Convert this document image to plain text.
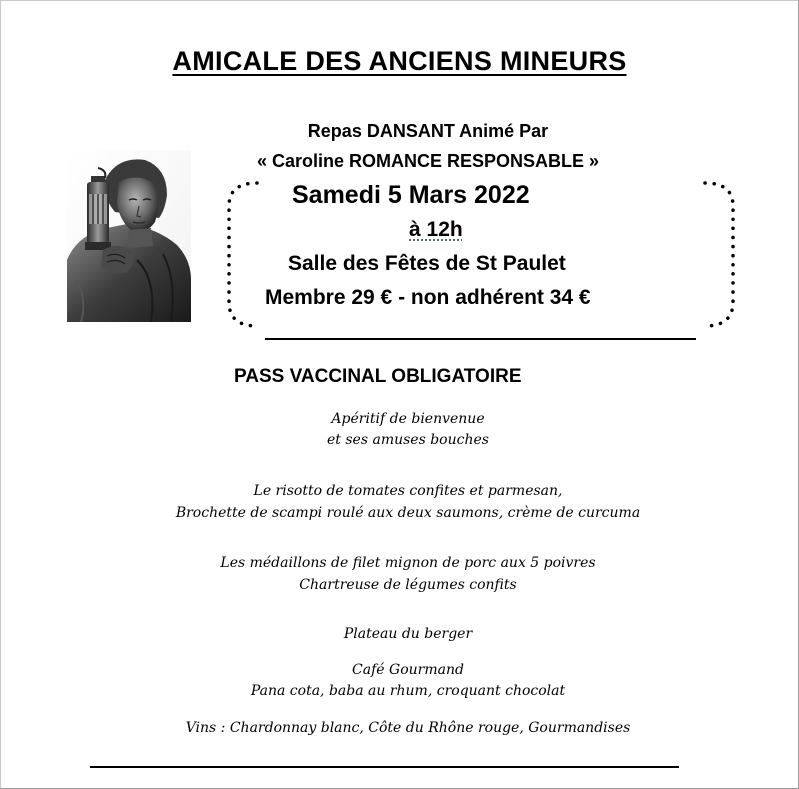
AMICALE DES ANCIENS MINEURS
Repas DANSANT Animé Par
« Caroline ROMANCE RESPONSABLE »
Samedi 5 Mars 2022
à 12h
Salle des Fêtes de St Paulet
Membre 29 € - non adhérent 34 €
PASS VACCINAL OBLIGATOIRE
Apéritif de bienvenue
et ses amuses bouches
Le risotto de tomates confites et parmesan,
Brochette de scampi roulé aux deux saumons, crème de curcuma
Les médaillons de filet mignon de porc aux 5 poivres
Chartreuse de légumes confits
Plateau du berger
Café Gourmand
Pana cota, baba au rhum, croquant chocolat
Vins : Chardonnay blanc, Côte du Rhône rouge, Gourmandises
